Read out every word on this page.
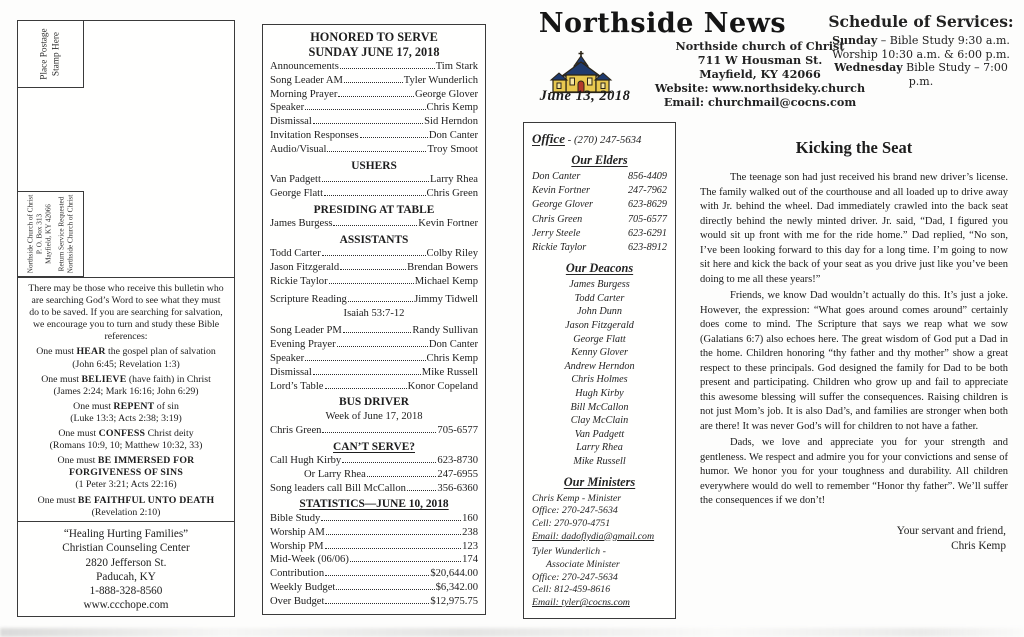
Place Postage Stamp Here
Northside Church of Christ P. O. Box 313 Mayfield, KY 42066 Return Service Requested Northside Church of Christ

There may be those who receive this bulletin who are searching God’s Word to see what they must do to be saved. If you are searching for salvation, we encourage you to turn and study these Bible references:

One must HEAR the gospel plan of salvation
(John 6:45; Revelation 1:3)
One must BELIEVE (have faith) in Christ
(James 2:24; Mark 16:16; John 6:29)
One must REPENT of sin
(Luke 13:3; Acts 2:38; 3:19)
One must CONFESS Christ deity
(Romans 10:9, 10; Matthew 10:32, 33)
One must BE IMMERSED FOR FORGIVENESS OF SINS
(1 Peter 3:21; Acts 22:16)
One must BE FAITHFUL UNTO DEATH
(Revelation 2:10)
“Healing Hurting Families”
Christian Counseling Center
2820 Jefferson St.
Paducah, KY
1-888-328-8560
www.ccchope.com
HONORED TO SERVE
SUNDAY JUNE 17, 2018
Announcements	Tim Stark
Song Leader AM	Tyler Wunderlich
Morning Prayer	George Glover
Speaker	Chris Kemp
Dismissal	Sid Herndon
Invitation Responses	Don Canter
Audio/Visual	Troy Smoot
USHERS
Van Padgett	Larry Rhea
George Flatt	Chris Green
PRESIDING AT TABLE
James Burgess	Kevin Fortner
ASSISTANTS
Todd Carter	Colby Riley
Jason Fitzgerald	Brendan Bowers
Rickie Taylor	Michael Kemp
Scripture Reading	Jimmy Tidwell
Isaiah 53:7-12
Song Leader PM	Randy Sullivan
Evening Prayer	Don Canter
Speaker	Chris Kemp
Dismissal	Mike Russell
Lord’s Table	Konor Copeland
BUS DRIVER
Week of June 17, 2018
Chris Green	705-6577
CAN’T SERVE?
Call Hugh Kirby	623-8730
Or Larry Rhea	247-6955
Song leaders call Bill McCallon	356-6360
STATISTICS—JUNE 10, 2018
Bible Study	160
Worship AM	238
Worship PM	123
Mid-Week (06/06)	174
Contribution	$20,644.00
Weekly Budget	$6,342.00
Over Budget	$12,975.75
Northside News
June 13, 2018
Northside church of Christ
711 W Housman St.
Mayfield, KY 42066
Website: www.northsideky.church
Email: churchmail@cocns.com
Schedule of Services:
Sunday – Bible Study 9:30 a.m.
Worship 10:30 a.m. & 6:00 p.m.
Wednesday Bible Study – 7:00 p.m.
Office - (270) 247-5634
Our Elders
Don Canter	856-4409
Kevin Fortner	247-7962
George Glover	623-8629
Chris Green	705-6577
Jerry Steele	623-6291
Rickie Taylor	623-8912
Our Deacons
James Burgess
Todd Carter
John Dunn
Jason Fitzgerald
George Flatt
Kenny Glover
Andrew Herndon
Chris Holmes
Hugh Kirby
Bill McCallon
Clay McClain
Van Padgett
Larry Rhea
Mike Russell
Our Ministers
Chris Kemp - Minister
Office: 270-247-5634
Cell: 270-970-4751
Email: dadoflydia@gmail.com
Tyler Wunderlich -
Associate Minister
Office: 270-247-5634
Cell: 812-459-8616
Email: tyler@cocns.com
Kicking the Seat

The teenage son had just received his brand new driver’s license. The family walked out of the courthouse and all loaded up to drive away with Jr. behind the wheel. Dad immediately crawled into the back seat directly behind the newly minted driver. Jr. said, “Dad, I figured you would sit up front with me for the ride home.” Dad replied, “No son, I’ve been looking forward to this day for a long time. I’m going to now sit here and kick the back of your seat as you drive just like you’ve been doing to me all these years!”

Friends, we know Dad wouldn’t actually do this. It’s just a joke. However, the expression: “What goes around comes around” certainly does come to mind. The Scripture that says we reap what we sow (Galatians 6:7) also echoes here. The great wisdom of God put a Dad in the home. Children honoring “thy father and thy mother” show a great respect to these principals. God designed the family for Dad to be both present and participating. Children who grow up and fail to appreciate this awesome blessing will suffer the consequences. Raising children is not just Mom’s job. It is also Dad’s, and families are stronger when both are there! It was never God’s will for children to not have a father.

Dads, we love and appreciate you for your strength and gentleness. We respect and admire you for your convictions and sense of humor. We honor you for your toughness and durability. All children everywhere would do well to remember “Honor thy father”. We’ll suffer the consequences if we don’t!

Your servant and friend,
Chris Kemp
